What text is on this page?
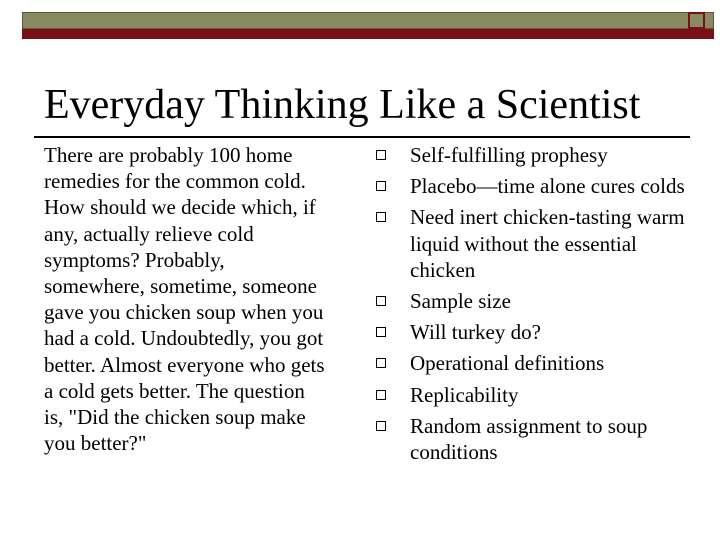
Everyday Thinking Like a Scientist
There are probably 100 home remedies for the common cold. How should we decide which, if any, actually relieve cold symptoms? Probably, somewhere, sometime, someone gave you chicken soup when you had a cold. Undoubtedly, you got better. Almost everyone who gets a cold gets better. The question is, "Did the chicken soup make you better?"
Self-fulfilling prophesy
Placebo—time alone cures colds
Need inert chicken-tasting warm liquid without the essential chicken
Sample size
Will turkey do?
Operational definitions
Replicability
Random assignment to soup conditions
